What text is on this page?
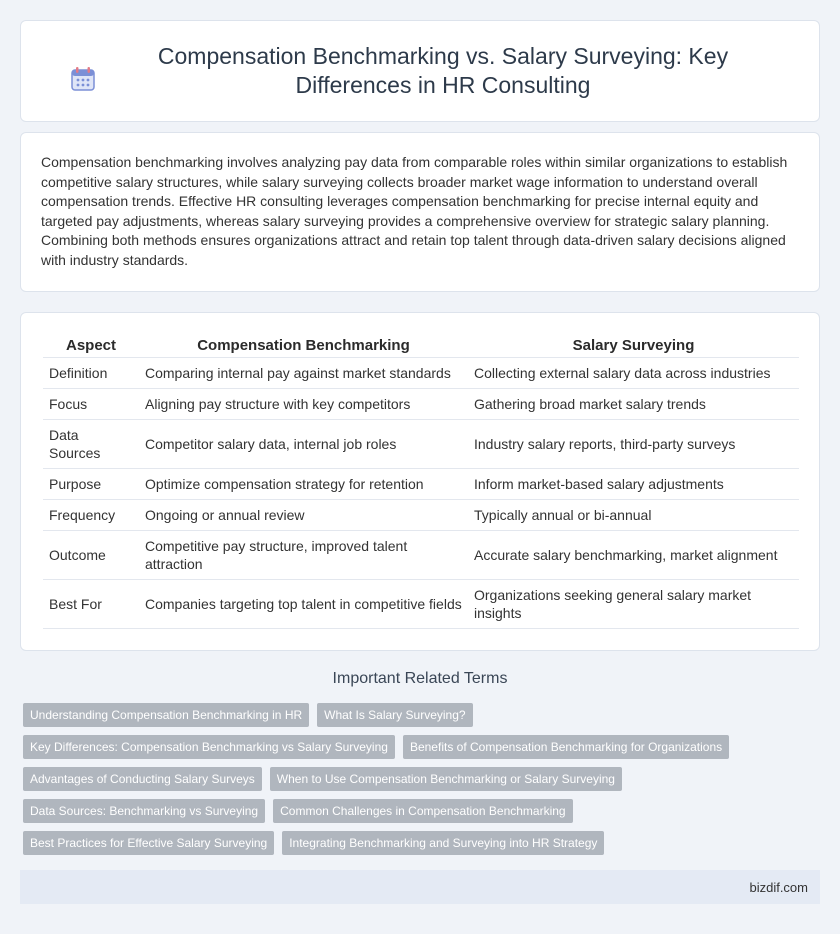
Compensation Benchmarking vs. Salary Surveying: Key Differences in HR Consulting

Compensation benchmarking involves analyzing pay data from comparable roles within similar organizations to establish competitive salary structures, while salary surveying collects broader market wage information to understand overall compensation trends. Effective HR consulting leverages compensation benchmarking for precise internal equity and targeted pay adjustments, whereas salary surveying provides a comprehensive overview for strategic salary planning. Combining both methods ensures organizations attract and retain top talent through data-driven salary decisions aligned with industry standards.

Aspect	Compensation Benchmarking	Salary Surveying
Definition	Comparing internal pay against market standards	Collecting external salary data across industries
Focus	Aligning pay structure with key competitors	Gathering broad market salary trends
Data Sources	Competitor salary data, internal job roles	Industry salary reports, third-party surveys
Purpose	Optimize compensation strategy for retention	Inform market-based salary adjustments
Frequency	Ongoing or annual review	Typically annual or bi-annual
Outcome	Competitive pay structure, improved talent attraction	Accurate salary benchmarking, market alignment
Best For	Companies targeting top talent in competitive fields	Organizations seeking general salary market insights
Important Related Terms
Understanding Compensation Benchmarking in HR	What Is Salary Surveying?
Key Differences: Compensation Benchmarking vs Salary Surveying	Benefits of Compensation Benchmarking for Organizations
Advantages of Conducting Salary Surveys	When to Use Compensation Benchmarking or Salary Surveying
Data Sources: Benchmarking vs Surveying	Common Challenges in Compensation Benchmarking
Best Practices for Effective Salary Surveying	Integrating Benchmarking and Surveying into HR Strategy
bizdif.com
